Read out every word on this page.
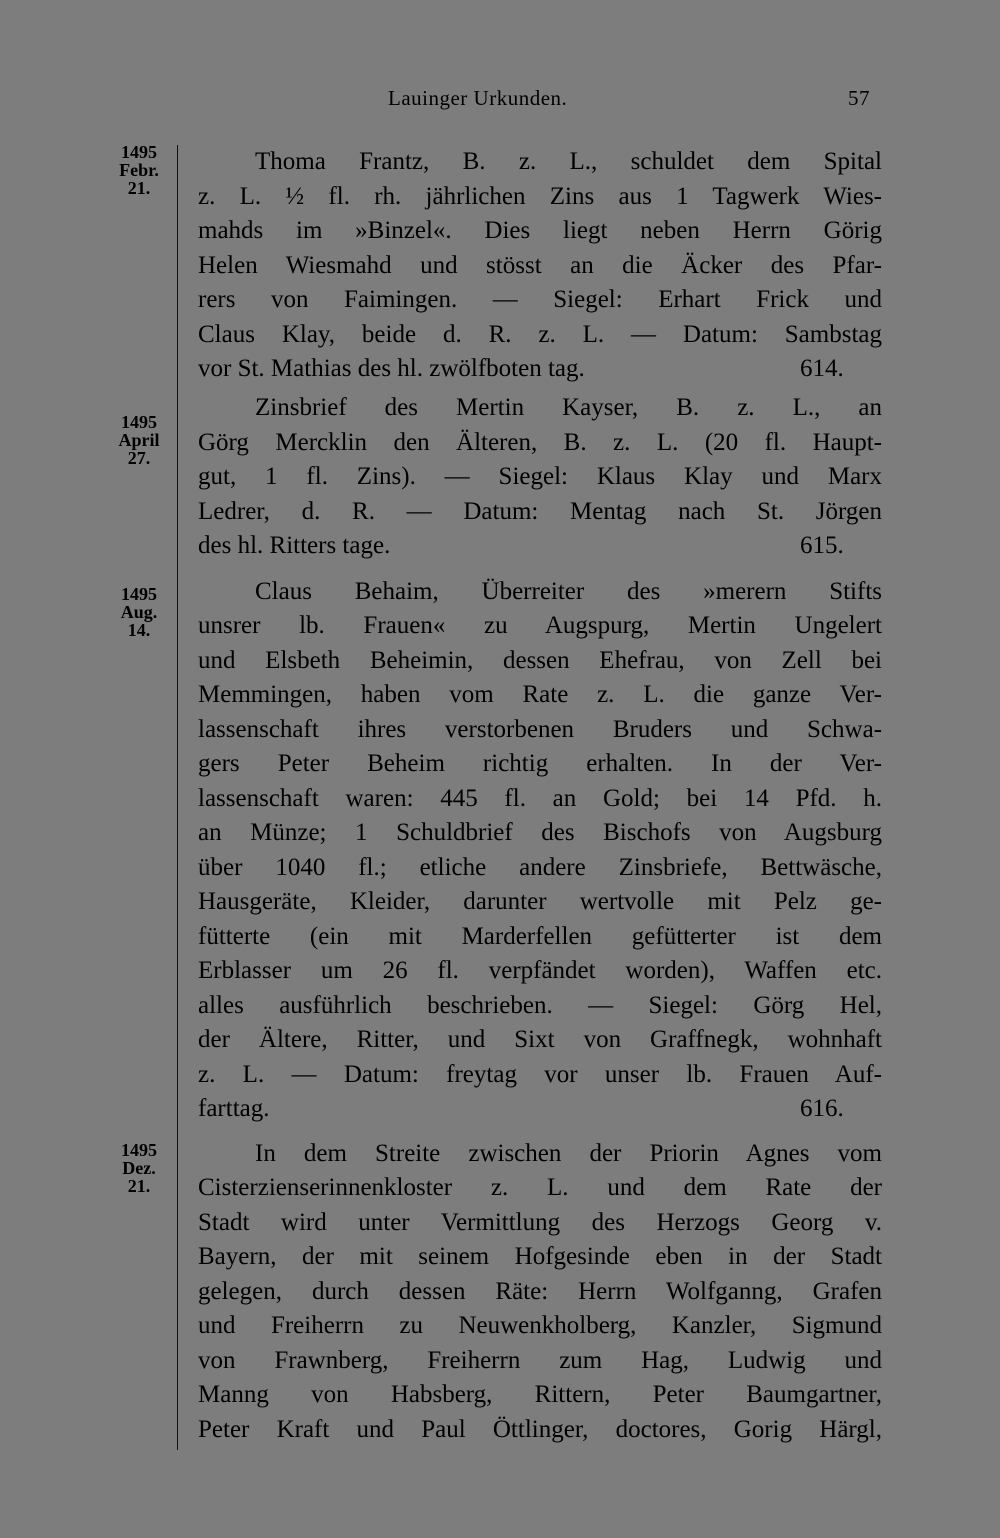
Lauinger Urkunden.	57
1495
Febr.
21.
Thoma Frantz, B. z. L., schuldet dem Spital
z. L. ½ fl. rh. jährlichen Zins aus 1 Tagwerk Wies-
mahds im »Binzel«. Dies liegt neben Herrn Görig
Helen Wiesmahd und stösst an die Äcker des Pfar-
rers von Faimingen. — Siegel: Erhart Frick und
Claus Klay, beide d. R. z. L. — Datum: Sambstag
vor St. Mathias des hl. zwölfboten tag.	614.
1495
April
27.
Zinsbrief des Mertin Kayser, B. z. L., an
Görg Mercklin den Älteren, B. z. L. (20 fl. Haupt-
gut, 1 fl. Zins). — Siegel: Klaus Klay und Marx
Ledrer, d. R. — Datum: Mentag nach St. Jörgen
des hl. Ritters tage.	615.
1495
Aug.
14.
Claus Behaim, Überreiter des »merern Stifts
unsrer lb. Frauen« zu Augspurg, Mertin Ungelert
und Elsbeth Beheimin, dessen Ehefrau, von Zell bei
Memmingen, haben vom Rate z. L. die ganze Ver-
lassenschaft ihres verstorbenen Bruders und Schwa-
gers Peter Beheim richtig erhalten. In der Ver-
lassenschaft waren: 445 fl. an Gold; bei 14 Pfd. h.
an Münze; 1 Schuldbrief des Bischofs von Augsburg
über 1040 fl.; etliche andere Zinsbriefe, Bettwäsche,
Hausgeräte, Kleider, darunter wertvolle mit Pelz ge-
fütterte (ein mit Marderfellen gefütterter ist dem
Erblasser um 26 fl. verpfändet worden), Waffen etc.
alles ausführlich beschrieben. — Siegel: Görg Hel,
der Ältere, Ritter, und Sixt von Graffnegk, wohnhaft
z. L. — Datum: freytag vor unser lb. Frauen Auf-
farttag.	616.
1495
Dez.
21.
In dem Streite zwischen der Priorin Agnes vom
Cisterzienserinnenkloster z. L. und dem Rate der
Stadt wird unter Vermittlung des Herzogs Georg v.
Bayern, der mit seinem Hofgesinde eben in der Stadt
gelegen, durch dessen Räte: Herrn Wolfganng, Grafen
und Freiherrn zu Neuwenkholberg, Kanzler, Sigmund
von Frawnberg, Freiherrn zum Hag, Ludwig und
Manng von Habsberg, Rittern, Peter Baumgartner,
Peter Kraft und Paul Öttlinger, doctores, Gorig Härgl,
